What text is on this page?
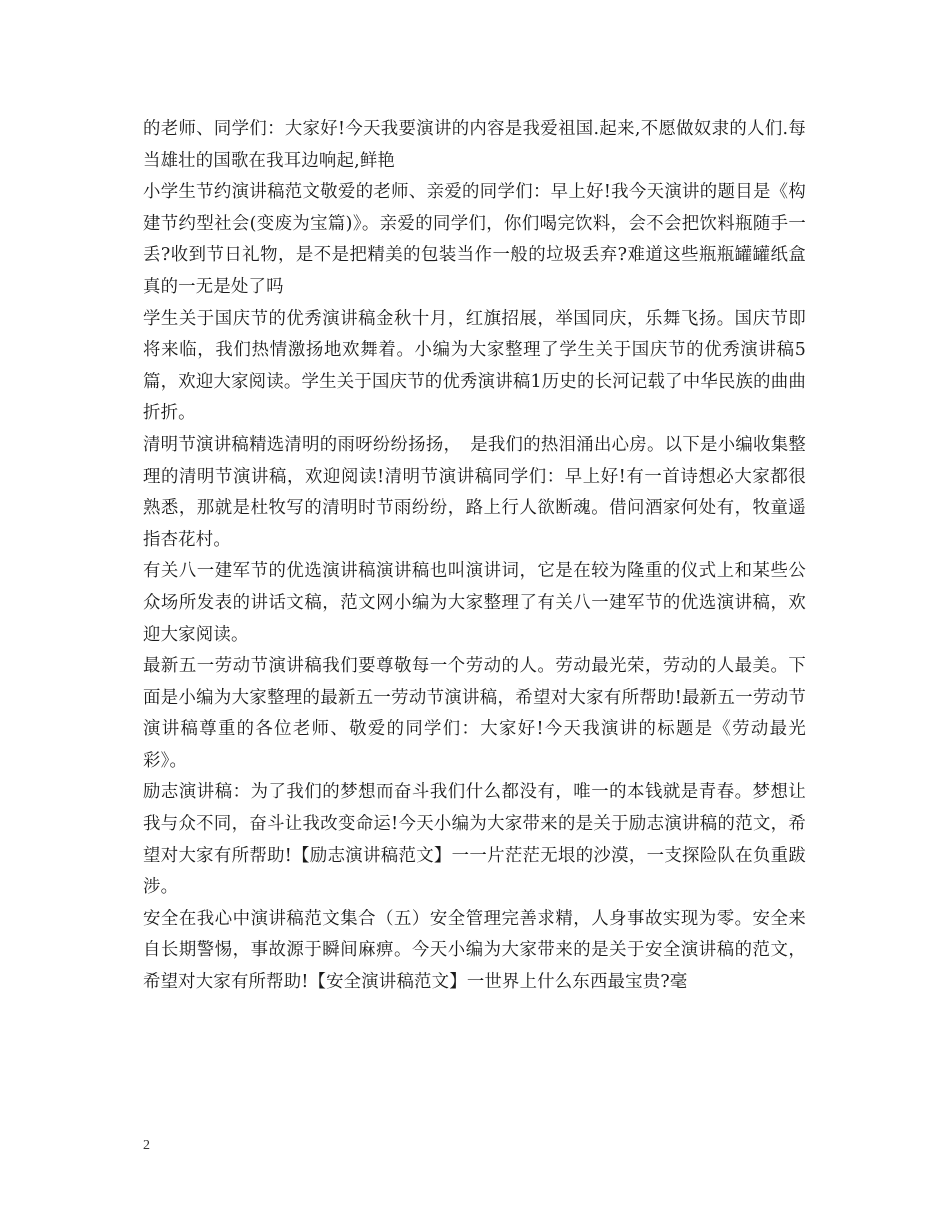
的老师、同学们：大家好!今天我要演讲的内容是我爱祖国.起来,不愿做奴隶的人们.每当雄壮的国歌在我耳边响起,鲜艳

小学生节约演讲稿范文敬爱的老师、亲爱的同学们：早上好!我今天演讲的题目是《构建节约型社会(变废为宝篇)》。亲爱的同学们，你们喝完饮料，会不会把饮料瓶随手一丢?收到节日礼物，是不是把精美的包装当作一般的垃圾丢弃?难道这些瓶瓶罐罐纸盒真的一无是处了吗

学生关于国庆节的优秀演讲稿金秋十月，红旗招展，举国同庆，乐舞飞扬。国庆节即将来临，我们热情激扬地欢舞着。小编为大家整理了学生关于国庆节的优秀演讲稿5篇，欢迎大家阅读。学生关于国庆节的优秀演讲稿1历史的长河记载了中华民族的曲曲折折。

清明节演讲稿精选清明的雨呀纷纷扬扬，　是我们的热泪涌出心房。以下是小编收集整理的清明节演讲稿，欢迎阅读!清明节演讲稿同学们：早上好!有一首诗想必大家都很熟悉，那就是杜牧写的清明时节雨纷纷，路上行人欲断魂。借问酒家何处有，牧童遥指杏花村。

有关八一建军节的优选演讲稿演讲稿也叫演讲词，它是在较为隆重的仪式上和某些公众场所发表的讲话文稿，范文网小编为大家整理了有关八一建军节的优选演讲稿，欢迎大家阅读。

最新五一劳动节演讲稿我们要尊敬每一个劳动的人。劳动最光荣，劳动的人最美。下面是小编为大家整理的最新五一劳动节演讲稿，希望对大家有所帮助!最新五一劳动节演讲稿尊重的各位老师、敬爱的同学们：大家好!今天我演讲的标题是《劳动最光彩》。

励志演讲稿：为了我们的梦想而奋斗我们什么都没有，唯一的本钱就是青春。梦想让我与众不同，奋斗让我改变命运!今天小编为大家带来的是关于励志演讲稿的范文，希望对大家有所帮助!【励志演讲稿范文】一一片茫茫无垠的沙漠，一支探险队在负重跋涉。

安全在我心中演讲稿范文集合（五）安全管理完善求精，人身事故实现为零。安全来自长期警惕，事故源于瞬间麻痹。今天小编为大家带来的是关于安全演讲稿的范文，希望对大家有所帮助!【安全演讲稿范文】一世界上什么东西最宝贵?毫

2
